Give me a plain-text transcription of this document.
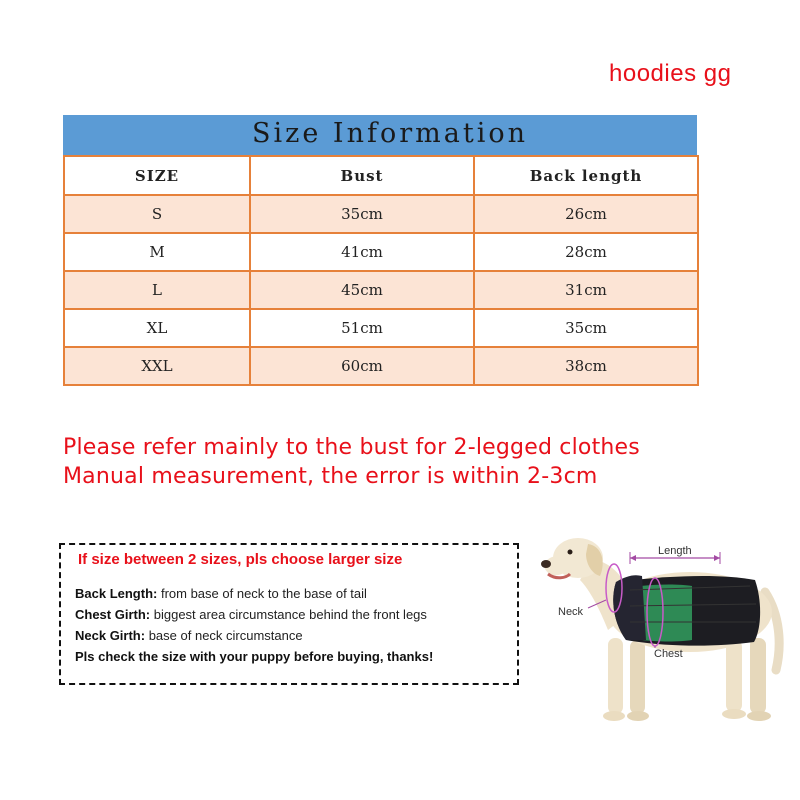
hoodies gg
Size Information
SIZE	Bust	Back length
S	35cm	26cm
M	41cm	28cm
L	45cm	31cm
XL	51cm	35cm
XXL	60cm	38cm
Please refer mainly to the bust for 2-legged clothes
Manual measurement, the error is within 2-3cm
If size between 2 sizes, pls choose larger size
Back Length: from base of neck to the base of tail
Chest Girth: biggest area circumstance behind the front legs
Neck Girth: base of neck circumstance
Pls check the size with your puppy before buying, thanks!
Length
Neck
Chest
